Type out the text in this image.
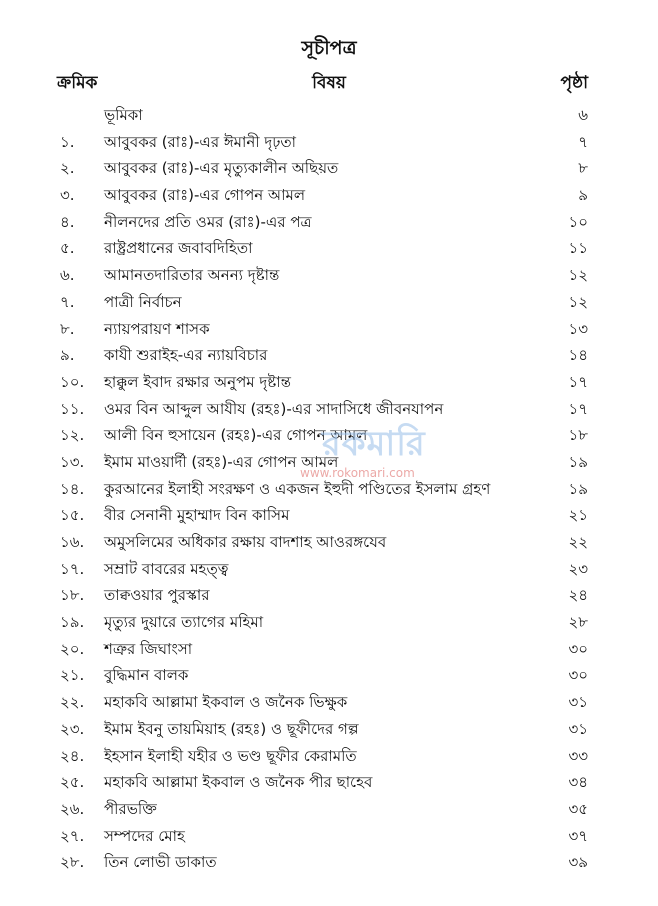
সূচীপত্র
ক্রমিক	বিষয়	পৃষ্ঠা
ভূমিকা	৬
১. আবুবকর (রাঃ)-এর ঈমানী দৃঢ়তা	৭
২. আবুবকর (রাঃ)-এর মৃত্যুকালীন অছিয়ত	৮
৩. আবুবকর (রাঃ)-এর গোপন আমল	৯
৪. নীলনদের প্রতি ওমর (রাঃ)-এর পত্র	১০
৫. রাষ্ট্রপ্রধানের জবাবদিহিতা	১১
৬. আমানতদারিতার অনন্য দৃষ্টান্ত	১২
৭. পাত্রী নির্বাচন	১২
৮. ন্যায়পরায়ণ শাসক	১৩
৯. কাযী শুরাইহ-এর ন্যায়বিচার	১৪
১০. হাক্কুল ইবাদ রক্ষার অনুপম দৃষ্টান্ত	১৭
১১. ওমর বিন আব্দুল আযীয (রহঃ)-এর সাদাসিধে জীবনযাপন	১৭
১২. আলী বিন হুসায়েন (রহঃ)-এর গোপন আমল	১৮
১৩. ইমাম মাওয়ার্দী (রহঃ)-এর গোপন আমল	১৯
১৪. কুরআনের ইলাহী সংরক্ষণ ও একজন ইহুদী পণ্ডিতের ইসলাম গ্রহণ	১৯
১৫. বীর সেনানী মুহাম্মাদ বিন কাসিম	২১
১৬. অমুসলিমের অধিকার রক্ষায় বাদশাহ আওরঙ্গযেব	২২
১৭. সম্রাট বাবরের মহত্ত্ব	২৩
১৮. তাক্বওয়ার পুরস্কার	২৪
১৯. মৃত্যুর দুয়ারে ত্যাগের মহিমা	২৮
২০. শত্রুর জিঘাংসা	৩০
২১. বুদ্ধিমান বালক	৩০
২২. মহাকবি আল্লামা ইকবাল ও জনৈক ভিক্ষুক	৩১
২৩. ইমাম ইবনু তায়মিয়াহ (রহঃ) ও ছূফীদের গল্প	৩১
২৪. ইহসান ইলাহী যহীর ও ভণ্ড ছূফীর কেরামতি	৩৩
২৫. মহাকবি আল্লামা ইকবাল ও জনৈক পীর ছাহেব	৩৪
২৬. পীরভক্তি	৩৫
২৭. সম্পদের মোহ	৩৭
২৮. তিন লোভী ডাকাত	৩৯
রকমারি
www.rokomari.com
